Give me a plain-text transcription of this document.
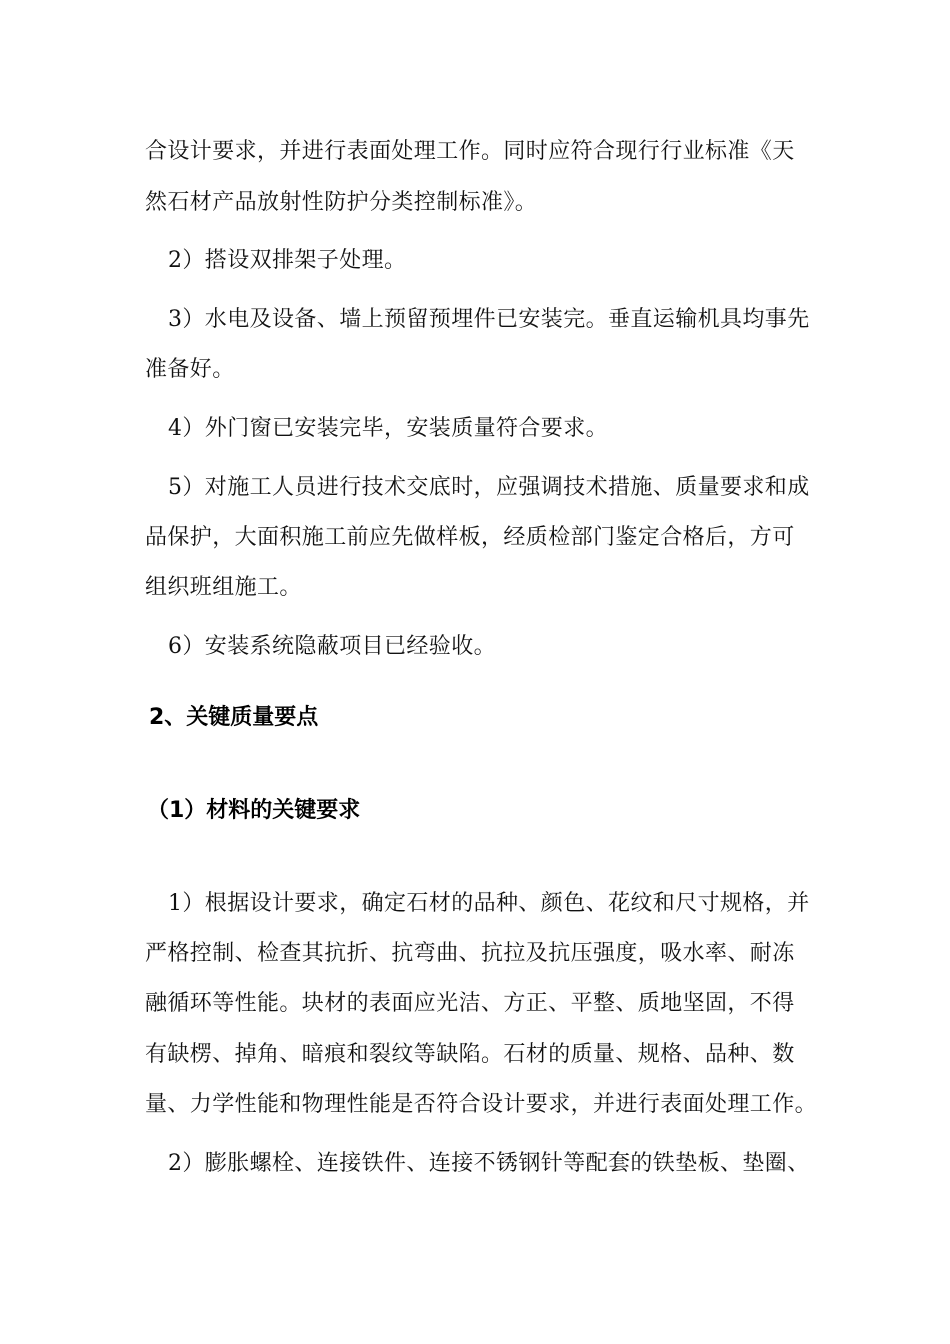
合设计要求，并进行表面处理工作。同时应符合现行行业标准《天
然石材产品放射性防护分类控制标准》。
2）搭设双排架子处理。
3）水电及设备、墙上预留预埋件已安装完。垂直运输机具均事先
准备好。
4）外门窗已安装完毕，安装质量符合要求。
5）对施工人员进行技术交底时，应强调技术措施、质量要求和成
品保护，大面积施工前应先做样板，经质检部门鉴定合格后，方可
组织班组施工。
6）安装系统隐蔽项目已经验收。
2、关键质量要点
（1）材料的关键要求
1）根据设计要求，确定石材的品种、颜色、花纹和尺寸规格，并
严格控制、检查其抗折、抗弯曲、抗拉及抗压强度，吸水率、耐冻
融循环等性能。块材的表面应光洁、方正、平整、质地坚固，不得
有缺楞、掉角、暗痕和裂纹等缺陷。石材的质量、规格、品种、数
量、力学性能和物理性能是否符合设计要求，并进行表面处理工作。
2）膨胀螺栓、连接铁件、连接不锈钢针等配套的铁垫板、垫圈、
